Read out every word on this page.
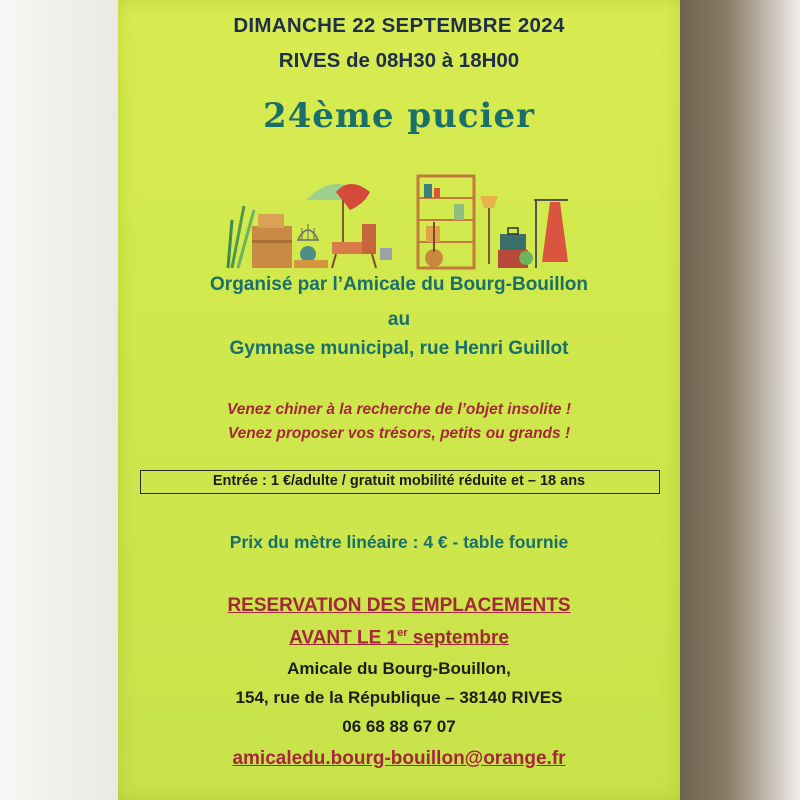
DIMANCHE 22 SEPTEMBRE 2024
RIVES de 08H30 à 18H00
24ème pucier
Organisé par l’Amicale du Bourg-Bouillon
au
Gymnase municipal, rue Henri Guillot
Venez chiner à la recherche de l’objet insolite !
Venez proposer vos trésors, petits ou grands !
Entrée : 1 €/adulte / gratuit mobilité réduite et – 18 ans
Prix du mètre linéaire : 4 € - table fournie
RESERVATION DES EMPLACEMENTS
AVANT LE 1er septembre
Amicale du Bourg-Bouillon,
154, rue de la République – 38140 RIVES
06 68 88 67 07
amicaledu.bourg-bouillon@orange.fr
